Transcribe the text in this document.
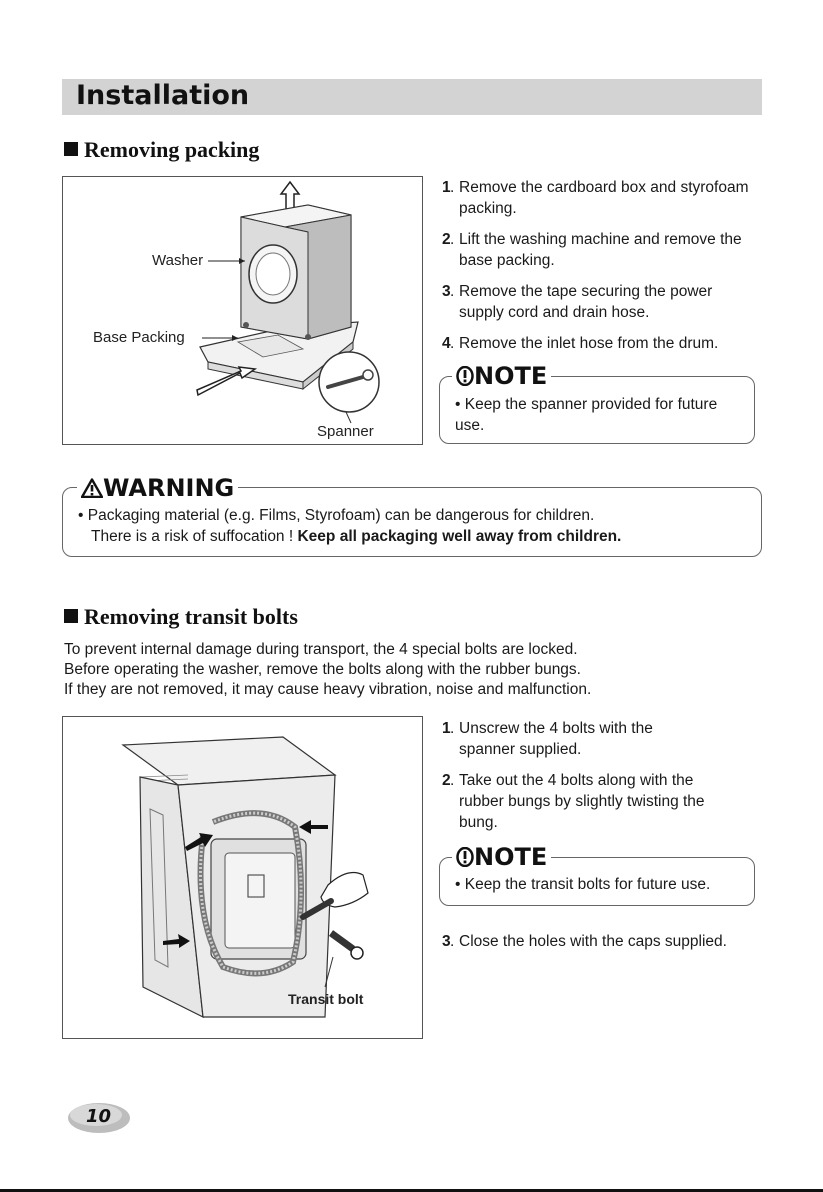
Installation
Removing packing
Washer
Base Packing
Spanner
1 . Remove the cardboard box and styrofoam packing.
2 . Lift the washing machine and remove the base packing.
3 . Remove the tape securing the power supply cord and drain hose.
4 . Remove the inlet hose from the drum.
NOTE
• Keep the spanner provided for future use.
WARNING
• Packaging material (e.g. Films, Styrofoam) can be dangerous for children.
There is a risk of suffocation ! Keep all packaging well away from children.
Removing transit bolts
To prevent internal damage during transport, the 4 special bolts are locked.
Before operating the washer, remove the bolts along with the rubber bungs.
If they are not removed, it may cause heavy vibration, noise and malfunction.
Transit bolt
1 . Unscrew the 4 bolts with the spanner supplied.
2 . Take out the 4 bolts along with the rubber bungs by slightly twisting the bung.
NOTE
• Keep the transit bolts for future use.
3 . Close the holes with the caps supplied.
10
